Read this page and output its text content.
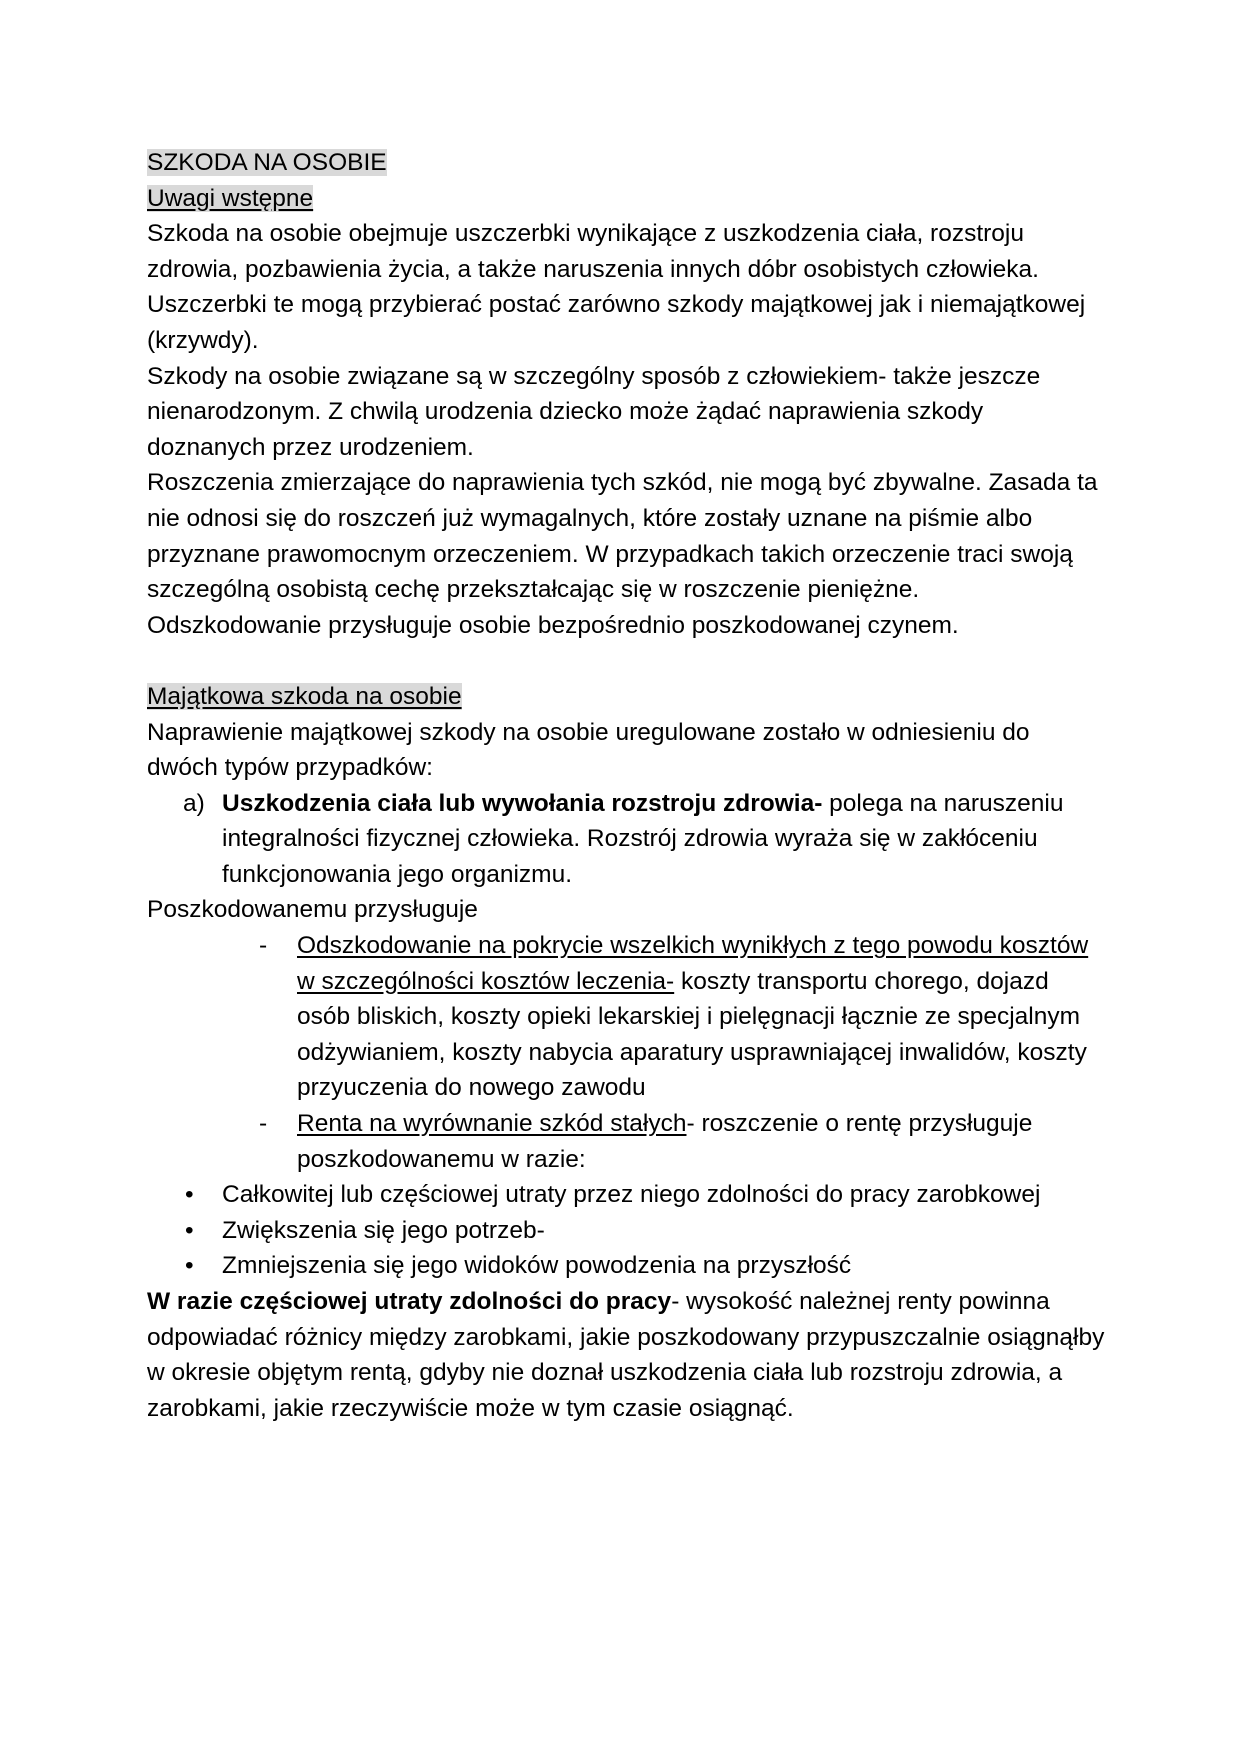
SZKODA NA OSOBIE

Uwagi wstępne

Szkoda na osobie obejmuje uszczerbki wynikające z uszkodzenia ciała, rozstroju zdrowia, pozbawienia życia, a także naruszenia innych dóbr osobistych człowieka.

Uszczerbki te mogą przybierać postać zarówno szkody majątkowej jak i niemajątkowej (krzywdy).

Szkody na osobie związane są w szczególny sposób z człowiekiem- także jeszcze nienarodzonym. Z chwilą urodzenia dziecko może żądać naprawienia szkody doznanych przez urodzeniem.

Roszczenia zmierzające do naprawienia tych szkód, nie mogą być zbywalne. Zasada ta nie odnosi się do roszczeń już wymagalnych, które zostały uznane na piśmie albo przyznane prawomocnym orzeczeniem. W przypadkach takich orzeczenie traci swoją szczególną osobistą cechę przekształcając się w roszczenie pieniężne.

Odszkodowanie przysługuje osobie bezpośrednio poszkodowanej czynem.

Majątkowa szkoda na osobie

Naprawienie majątkowej szkody na osobie uregulowane zostało w odniesieniu do dwóch typów przypadków:

a) Uszkodzenia ciała lub wywołania rozstroju zdrowia- polega na naruszeniu integralności fizycznej człowieka. Rozstrój zdrowia wyraża się w zakłóceniu funkcjonowania jego organizmu.

Poszkodowanemu przysługuje

- Odszkodowanie na pokrycie wszelkich wynikłych z tego powodu kosztów w szczególności kosztów leczenia- koszty transportu chorego, dojazd osób bliskich, koszty opieki lekarskiej i pielęgnacji łącznie ze specjalnym odżywianiem, koszty nabycia aparatury usprawniającej inwalidów, koszty przyuczenia do nowego zawodu
- Renta na wyrównanie szkód stałych- roszczenie o rentę przysługuje poszkodowanemu w razie:
• Całkowitej lub częściowej utraty przez niego zdolności do pracy zarobkowej
• Zwiększenia się jego potrzeb-
• Zmniejszenia się jego widoków powodzenia na przyszłość

W razie częściowej utraty zdolności do pracy- wysokość należnej renty powinna odpowiadać różnicy między zarobkami, jakie poszkodowany przypuszczalnie osiągnąłby w okresie objętym rentą, gdyby nie doznał uszkodzenia ciała lub rozstroju zdrowia, a zarobkami, jakie rzeczywiście może w tym czasie osiągnąć.
